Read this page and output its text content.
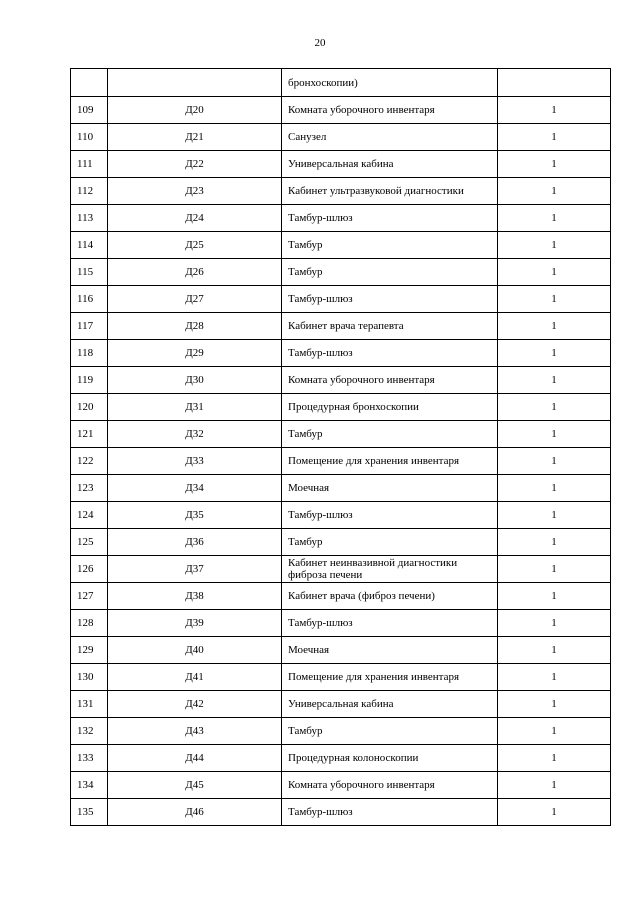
20
		бронхоскопии)	
109	Д20	Комната уборочного инвентаря	1
110	Д21	Санузел	1
111	Д22	Универсальная кабина	1
112	Д23	Кабинет ультразвуковой диагностики	1
113	Д24	Тамбур-шлюз	1
114	Д25	Тамбур	1
115	Д26	Тамбур	1
116	Д27	Тамбур-шлюз	1
117	Д28	Кабинет врача терапевта	1
118	Д29	Тамбур-шлюз	1
119	Д30	Комната уборочного инвентаря	1
120	Д31	Процедурная бронхоскопии	1
121	Д32	Тамбур	1
122	Д33	Помещение для хранения инвентаря	1
123	Д34	Моечная	1
124	Д35	Тамбур-шлюз	1
125	Д36	Тамбур	1
126	Д37	Кабинет неинвазивной диагностики фиброза печени	1
127	Д38	Кабинет врача (фиброз печени)	1
128	Д39	Тамбур-шлюз	1
129	Д40	Моечная	1
130	Д41	Помещение для хранения инвентаря	1
131	Д42	Универсальная кабина	1
132	Д43	Тамбур	1
133	Д44	Процедурная колоноскопии	1
134	Д45	Комната уборочного инвентаря	1
135	Д46	Тамбур-шлюз	1
